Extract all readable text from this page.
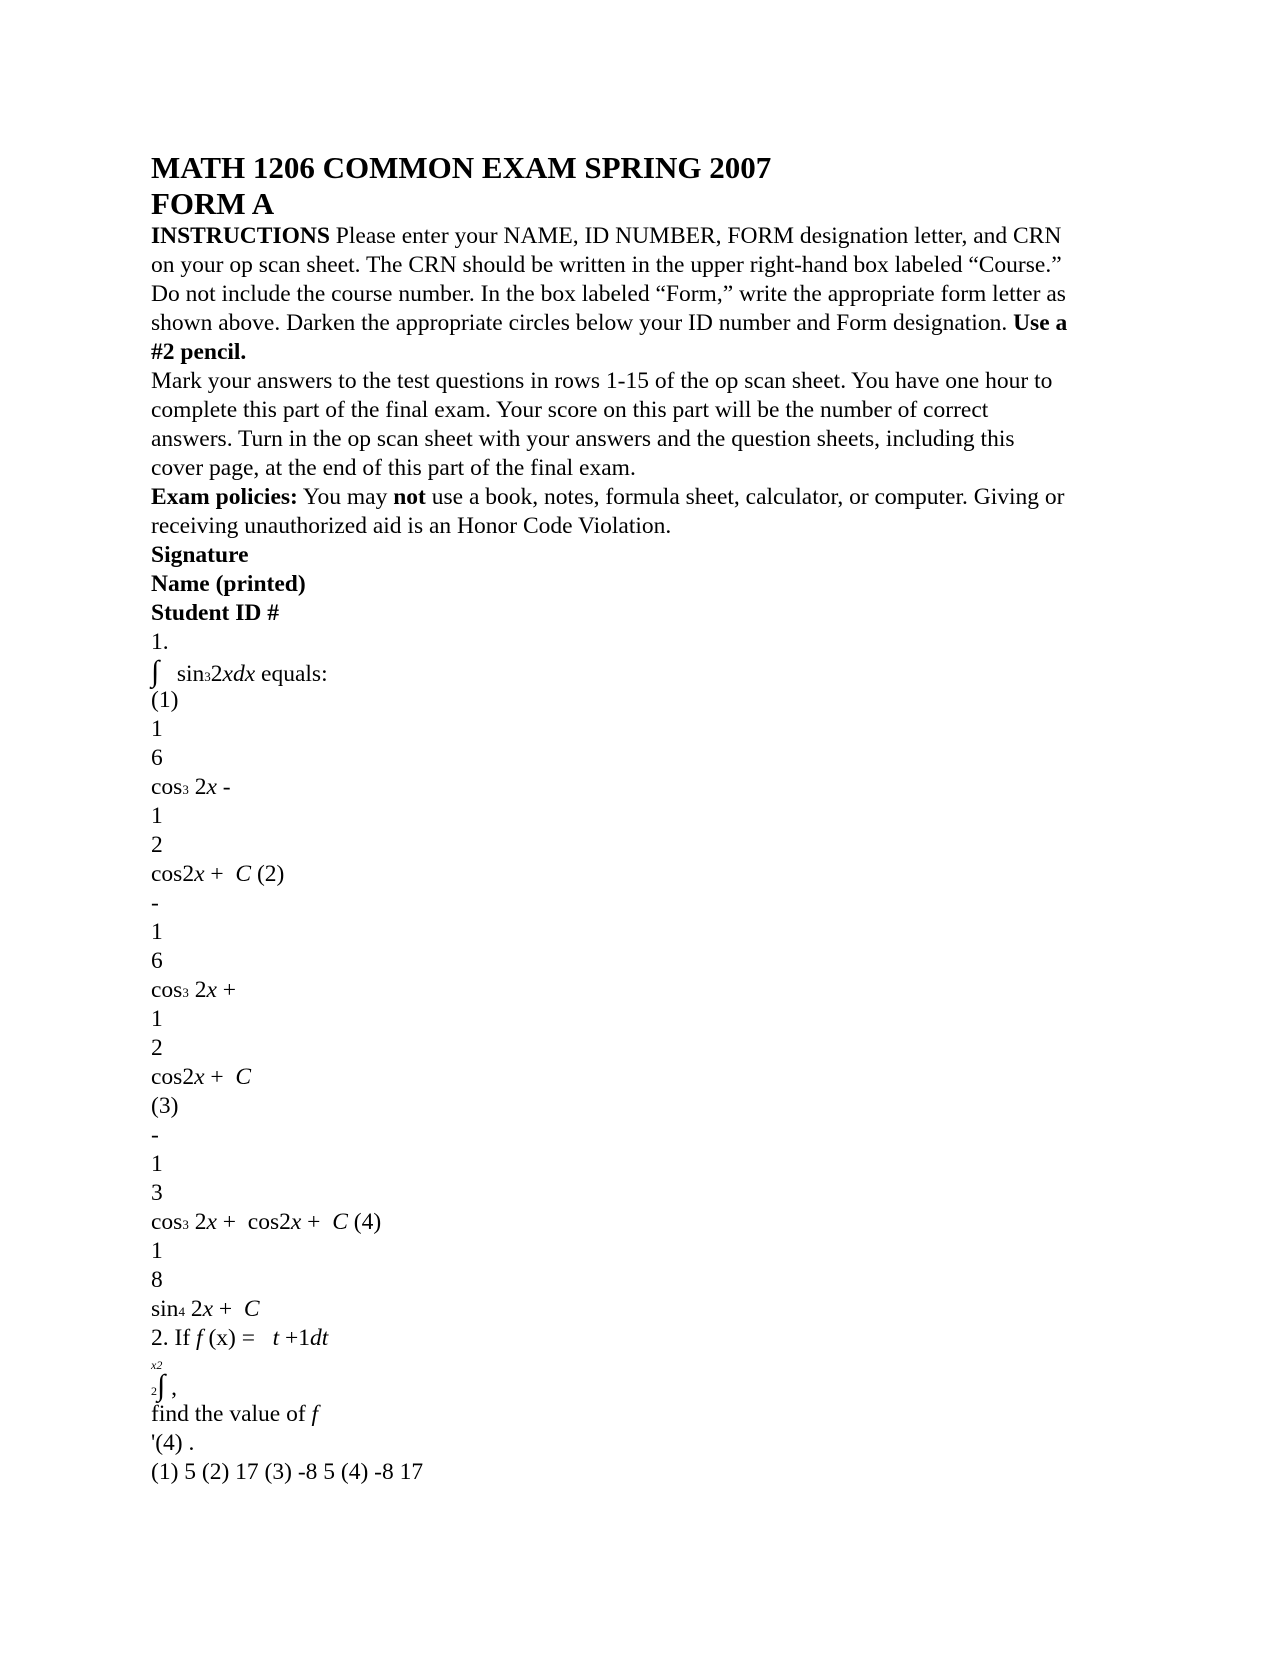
MATH 1206 COMMON EXAM SPRING 2007
FORM A

INSTRUCTIONS Please enter your NAME, ID NUMBER, FORM designation letter, and CRN on your op scan sheet. The CRN should be written in the upper right-hand box labeled “Course.” Do not include the course number. In the box labeled “Form,” write the appropriate form letter as shown above. Darken the appropriate circles below your ID number and Form designation. Use a #2 pencil.

Mark your answers to the test questions in rows 1-15 of the op scan sheet. You have one hour to complete this part of the final exam. Your score on this part will be the number of correct answers. Turn in the op scan sheet with your answers and the question sheets, including this cover page, at the end of this part of the final exam.

Exam policies: You may not use a book, notes, formula sheet, calculator, or computer. Giving or receiving unauthorized aid is an Honor Code Violation.

Signature
Name (printed)
Student ID #
1.
∫ sin32xdx equals:
(1)
1
6
cos3 2x -
1
2
cos2x +  C (2)
-
1
6
cos3 2x +
1
2
cos2x +  C
(3)
-
1
3
cos3 2x +  cos2x +  C (4)
1
8
sin4 2x +  C
2. If f (x) =   t +1dt
x2
2∫ ,
find the value of f
'(4) .
(1) 5 (2) 17 (3) -8 5 (4) -8 17
